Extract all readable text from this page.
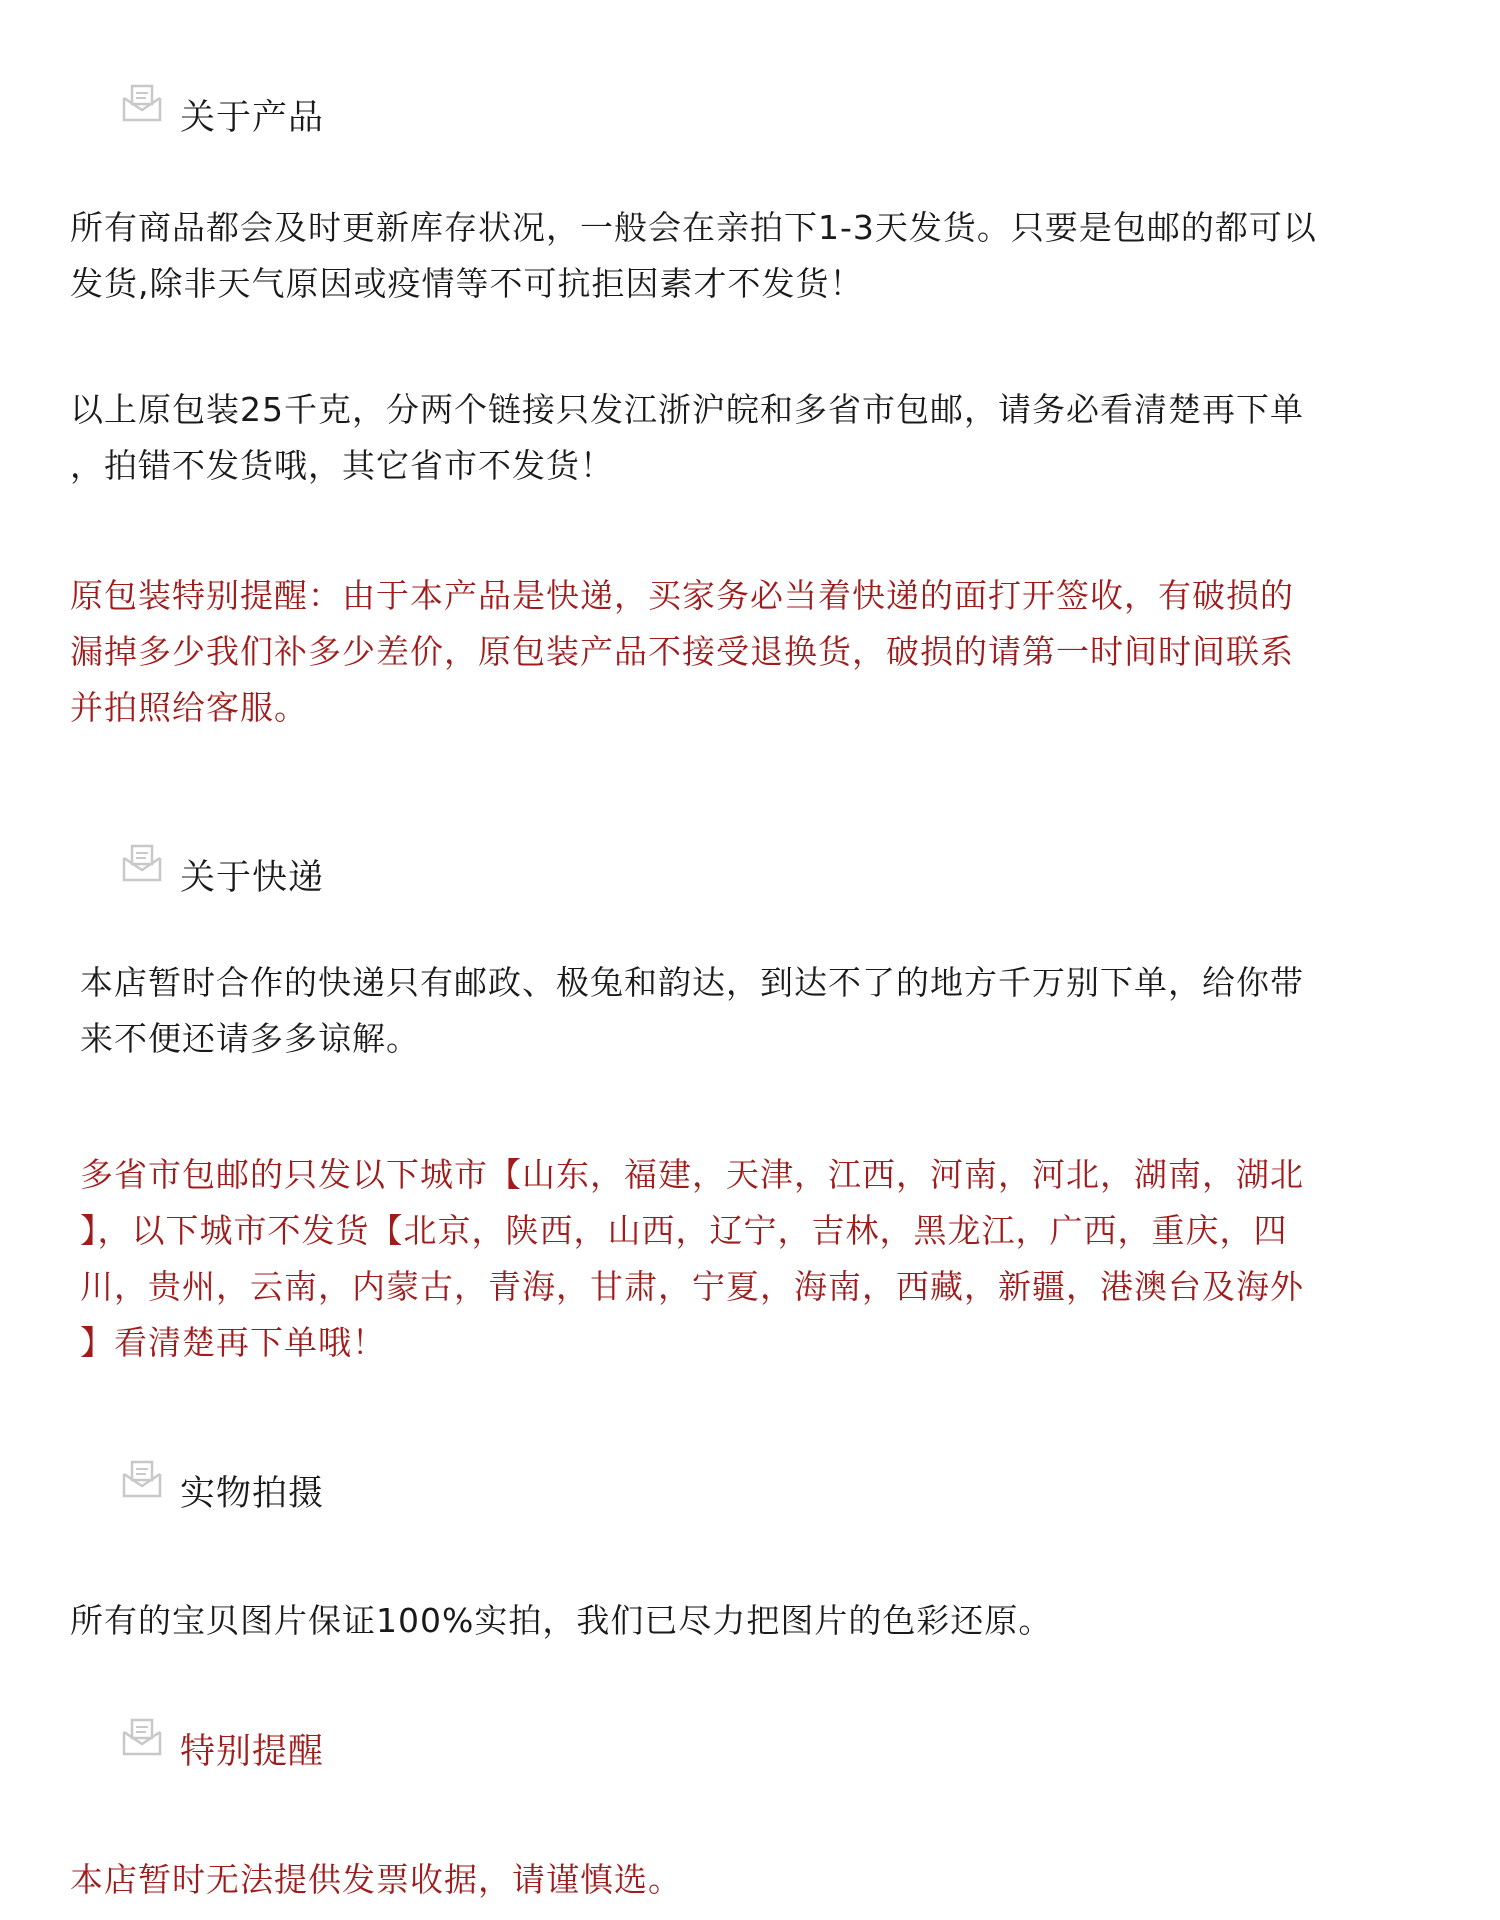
关于产品

所有商品都会及时更新库存状况，一般会在亲拍下1-3天发货。只要是包邮的都可以
发货,除非天气原因或疫情等不可抗拒因素才不发货！

以上原包装25千克，分两个链接只发江浙沪皖和多省市包邮，请务必看清楚再下单
，拍错不发货哦，其它省市不发货！

原包装特别提醒：由于本产品是快递，买家务必当着快递的面打开签收，有破损的
漏掉多少我们补多少差价，原包装产品不接受退换货，破损的请第一时间时间联系
并拍照给客服。

关于快递

本店暂时合作的快递只有邮政、极兔和韵达，到达不了的地方千万别下单，给你带
来不便还请多多谅解。

多省市包邮的只发以下城市【山东，福建，天津，江西，河南，河北，湖南，湖北
】，以下城市不发货【北京，陕西，山西，辽宁，吉林，黑龙江，广西，重庆，四
川，贵州，云南，内蒙古，青海，甘肃，宁夏，海南，西藏，新疆，港澳台及海外
】看清楚再下单哦！

实物拍摄

所有的宝贝图片保证100%实拍，我们已尽力把图片的色彩还原。

特别提醒

本店暂时无法提供发票收据，请谨慎选。
